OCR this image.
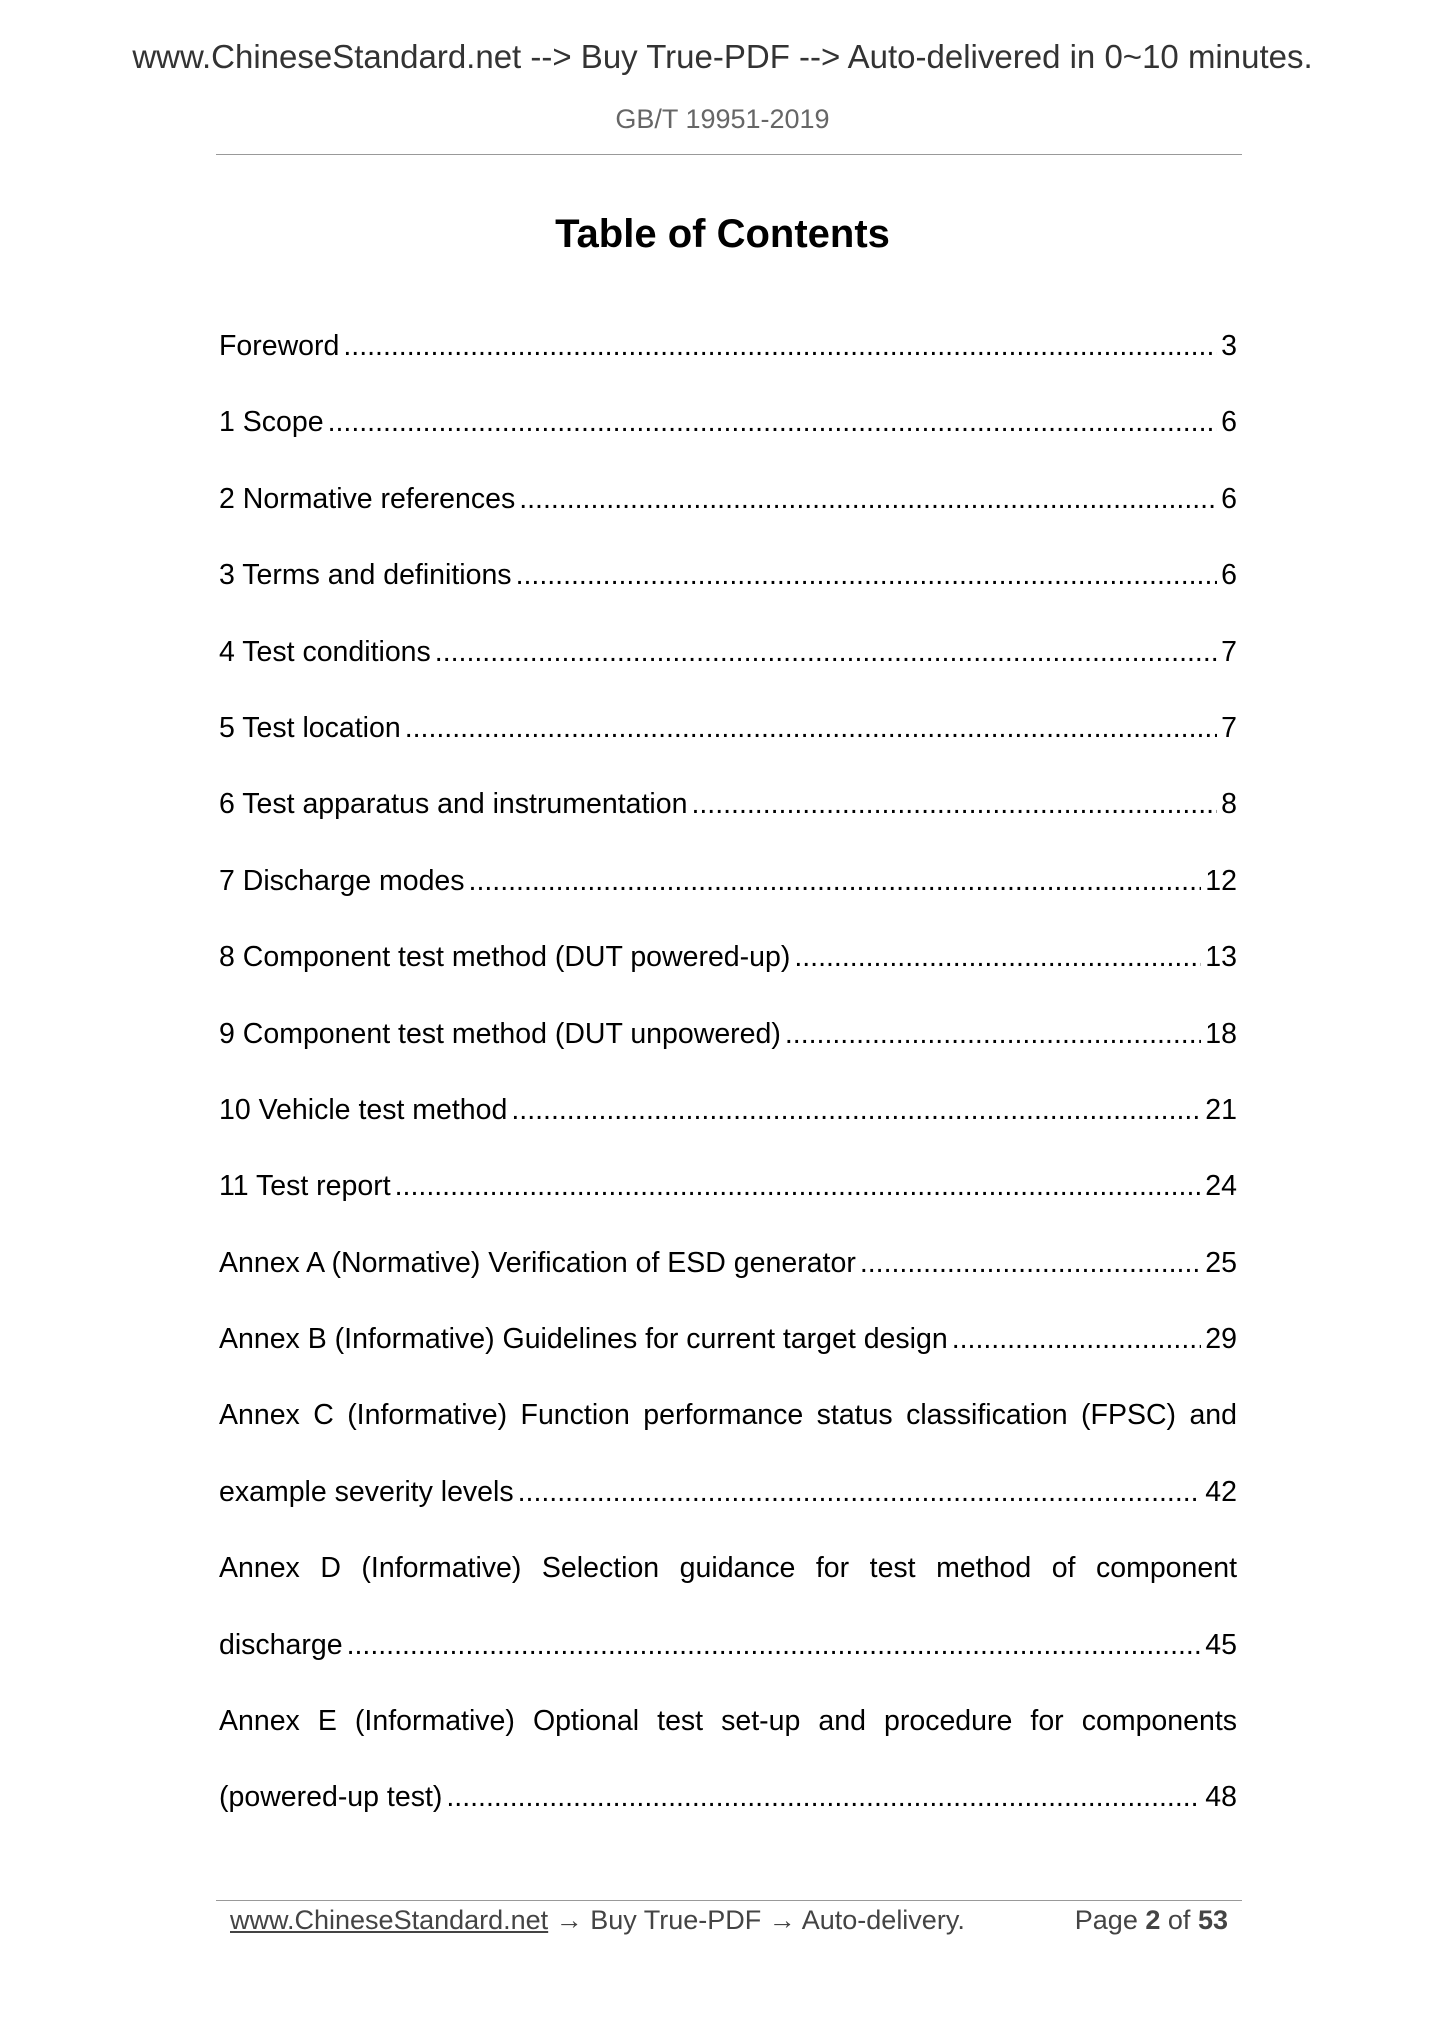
www.ChineseStandard.net --> Buy True-PDF --> Auto-delivered in 0~10 minutes.
GB/T 19951-2019
Table of Contents
Foreword .....	3
1 Scope .....	6
2 Normative references .....	6
3 Terms and definitions .....	6
4 Test conditions .....	7
5 Test location .....	7
6 Test apparatus and instrumentation .....	8
7 Discharge modes .....	12
8 Component test method (DUT powered-up) .....	13
9 Component test method (DUT unpowered) .....	18
10 Vehicle test method .....	21
11 Test report .....	24
Annex A (Normative) Verification of ESD generator .....	25
Annex B (Informative) Guidelines for current target design .....	29
Annex C (Informative) Function performance status classification (FPSC) and
example severity levels .....	42
Annex D (Informative) Selection guidance for test method of component
discharge .....	45
Annex E (Informative) Optional test set-up and procedure for components
(powered-up test) .....	48
www.ChineseStandard.net → Buy True-PDF → Auto-delivery.	Page 2 of 53
